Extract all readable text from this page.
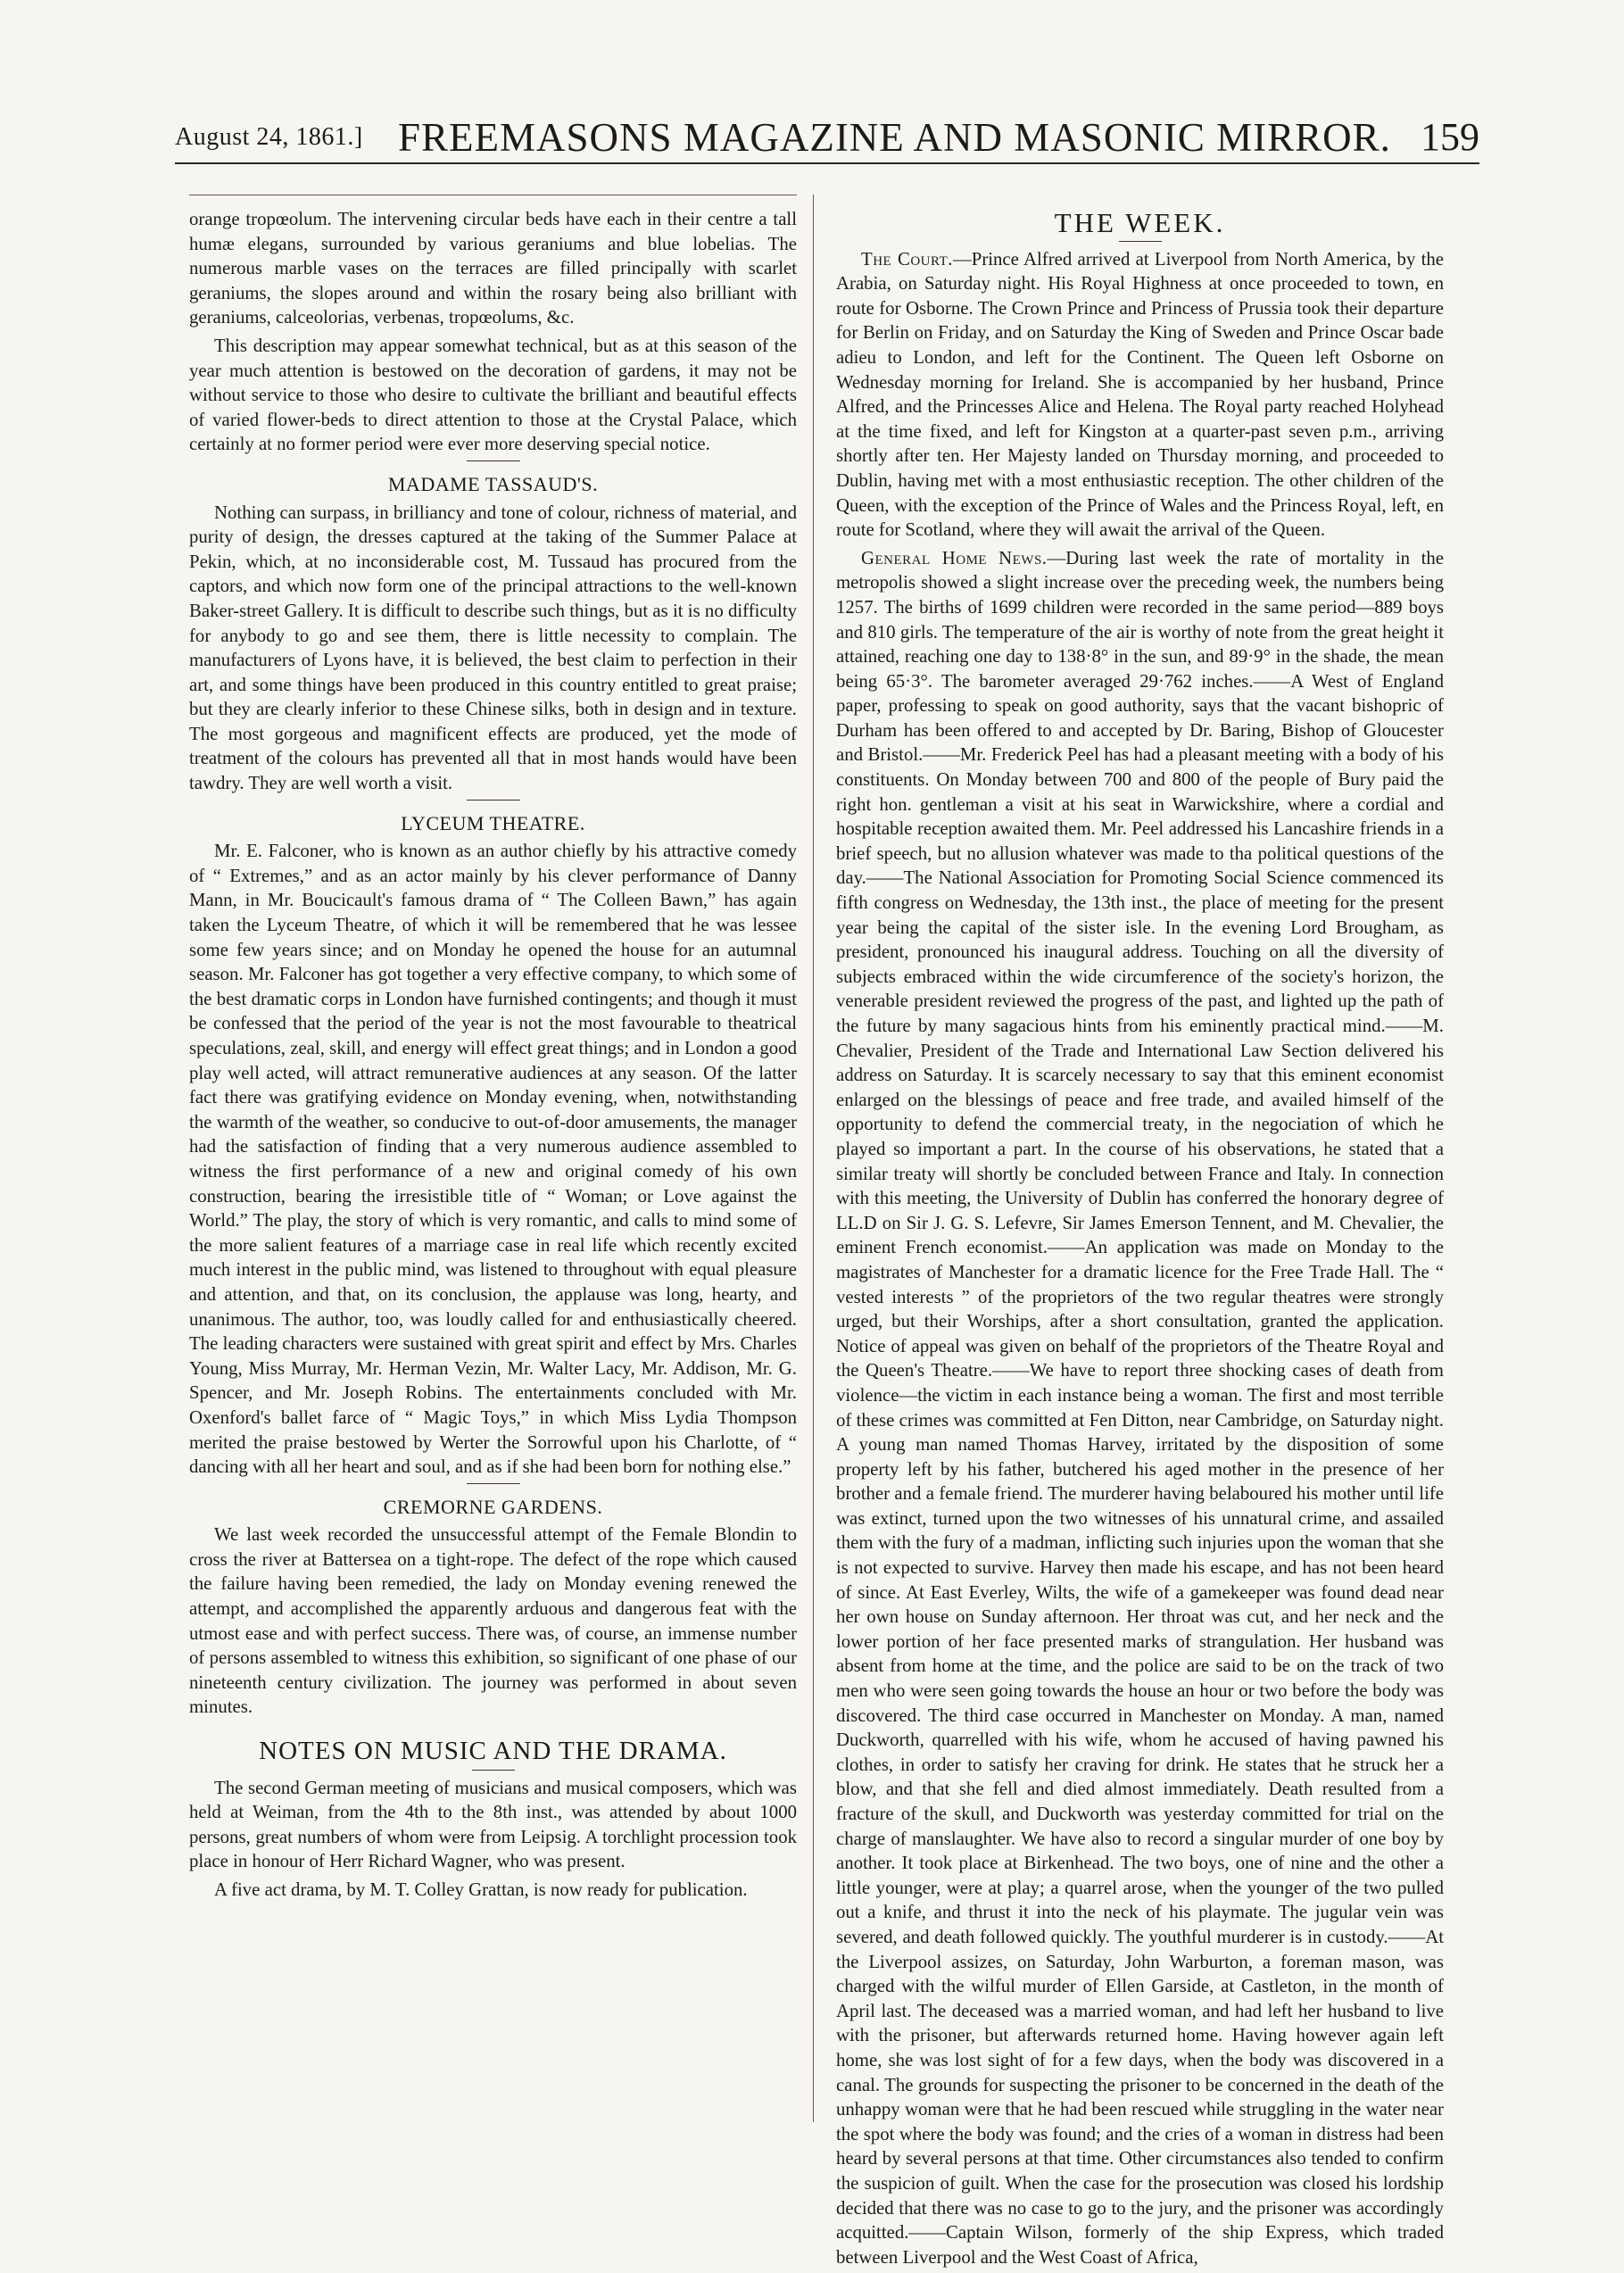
August 24, 1861.] FREEMASONS MAGAZINE AND MASONIC MIRROR. 159

orange tropœolum. The intervening circular beds have each in their centre a tall humæ elegans, surrounded by various geraniums and blue lobelias. The numerous marble vases on the terraces are filled principally with scarlet geraniums, the slopes around and within the rosary being also brilliant with geraniums, calceolorias, verbenas, tropœolums, &c.

This description may appear somewhat technical, but as at this season of the year much attention is bestowed on the decoration of gardens, it may not be without service to those who desire to cultivate the brilliant and beautiful effects of varied flower-beds to direct attention to those at the Crystal Palace, which certainly at no former period were ever more deserving special notice.

MADAME TASSAUD'S.

Nothing can surpass, in brilliancy and tone of colour, richness of material, and purity of design, the dresses captured at the taking of the Summer Palace at Pekin, which, at no inconsiderable cost, M. Tussaud has procured from the captors, and which now form one of the principal attractions to the well-known Baker-street Gallery. It is difficult to describe such things, but as it is no difficulty for anybody to go and see them, there is little necessity to complain. The manufacturers of Lyons have, it is believed, the best claim to perfection in their art, and some things have been produced in this country entitled to great praise; but they are clearly inferior to these Chinese silks, both in design and in texture. The most gorgeous and magnificent effects are produced, yet the mode of treatment of the colours has prevented all that in most hands would have been tawdry. They are well worth a visit.

LYCEUM THEATRE.

Mr. E. Falconer, who is known as an author chiefly by his attractive comedy of “ Extremes,” and as an actor mainly by his clever performance of Danny Mann, in Mr. Boucicault's famous drama of “ The Colleen Bawn,” has again taken the Lyceum Theatre, of which it will be remembered that he was lessee some few years since; and on Monday he opened the house for an autumnal season. Mr. Falconer has got together a very effective company, to which some of the best dramatic corps in London have furnished contingents; and though it must be confessed that the period of the year is not the most favourable to theatrical speculations, zeal, skill, and energy will effect great things; and in London a good play well acted, will attract remunerative audiences at any season. Of the latter fact there was gratifying evidence on Monday evening, when, notwithstanding the warmth of the weather, so conducive to out-of-door amusements, the manager had the satisfaction of finding that a very numerous audience assembled to witness the first performance of a new and original comedy of his own construction, bearing the irresistible title of “ Woman; or Love against the World.” The play, the story of which is very romantic, and calls to mind some of the more salient features of a marriage case in real life which recently excited much interest in the public mind, was listened to throughout with equal pleasure and attention, and that, on its conclusion, the applause was long, hearty, and unanimous. The author, too, was loudly called for and enthusiastically cheered. The leading characters were sustained with great spirit and effect by Mrs. Charles Young, Miss Murray, Mr. Herman Vezin, Mr. Walter Lacy, Mr. Addison, Mr. G. Spencer, and Mr. Joseph Robins. The entertainments concluded with Mr. Oxenford's ballet farce of “ Magic Toys,” in which Miss Lydia Thompson merited the praise bestowed by Werter the Sorrowful upon his Charlotte, of “ dancing with all her heart and soul, and as if she had been born for nothing else.”

CREMORNE GARDENS.

We last week recorded the unsuccessful attempt of the Female Blondin to cross the river at Battersea on a tight-rope. The defect of the rope which caused the failure having been remedied, the lady on Monday evening renewed the attempt, and accomplished the apparently arduous and dangerous feat with the utmost ease and with perfect success. There was, of course, an immense number of persons assembled to witness this exhibition, so significant of one phase of our nineteenth century civilization. The journey was performed in about seven minutes.

NOTES ON MUSIC AND THE DRAMA.

The second German meeting of musicians and musical composers, which was held at Weiman, from the 4th to the 8th inst., was attended by about 1000 persons, great numbers of whom were from Leipsig. A torchlight procession took place in honour of Herr Richard Wagner, who was present.

A five act drama, by M. T. Colley Grattan, is now ready for publication.

THE WEEK.

The Court.—Prince Alfred arrived at Liverpool from North America, by the Arabia, on Saturday night. His Royal Highness at once proceeded to town, en route for Osborne. The Crown Prince and Princess of Prussia took their departure for Berlin on Friday, and on Saturday the King of Sweden and Prince Oscar bade adieu to London, and left for the Continent. The Queen left Osborne on Wednesday morning for Ireland. She is accompanied by her husband, Prince Alfred, and the Princesses Alice and Helena. The Royal party reached Holyhead at the time fixed, and left for Kingston at a quarter-past seven p.m., arriving shortly after ten. Her Majesty landed on Thursday morning, and proceeded to Dublin, having met with a most enthusiastic reception. The other children of the Queen, with the exception of the Prince of Wales and the Princess Royal, left, en route for Scotland, where they will await the arrival of the Queen.

General Home News.—During last week the rate of mortality in the metropolis showed a slight increase over the preceding week, the numbers being 1257. The births of 1699 children were recorded in the same period—889 boys and 810 girls. The temperature of the air is worthy of note from the great height it attained, reaching one day to 138·8° in the sun, and 89·9° in the shade, the mean being 65·3°. The barometer averaged 29·762 inches.——A West of England paper, professing to speak on good authority, says that the vacant bishopric of Durham has been offered to and accepted by Dr. Baring, Bishop of Gloucester and Bristol.——Mr. Frederick Peel has had a pleasant meeting with a body of his constituents. On Monday between 700 and 800 of the people of Bury paid the right hon. gentleman a visit at his seat in Warwickshire, where a cordial and hospitable reception awaited them. Mr. Peel addressed his Lancashire friends in a brief speech, but no allusion whatever was made to tha political questions of the day.——The National Association for Promoting Social Science commenced its fifth congress on Wednesday, the 13th inst., the place of meeting for the present year being the capital of the sister isle. In the evening Lord Brougham, as president, pronounced his inaugural address. Touching on all the diversity of subjects embraced within the wide circumference of the society's horizon, the venerable president reviewed the progress of the past, and lighted up the path of the future by many sagacious hints from his eminently practical mind.——M. Chevalier, President of the Trade and International Law Section delivered his address on Saturday. It is scarcely necessary to say that this eminent economist enlarged on the blessings of peace and free trade, and availed himself of the opportunity to defend the commercial treaty, in the negociation of which he played so important a part. In the course of his observations, he stated that a similar treaty will shortly be concluded between France and Italy. In connection with this meeting, the University of Dublin has conferred the honorary degree of LL.D on Sir J. G. S. Lefevre, Sir James Emerson Tennent, and M. Chevalier, the eminent French economist.——An application was made on Monday to the magistrates of Manchester for a dramatic licence for the Free Trade Hall. The “ vested interests ” of the proprietors of the two regular theatres were strongly urged, but their Worships, after a short consultation, granted the application. Notice of appeal was given on behalf of the proprietors of the Theatre Royal and the Queen's Theatre.——We have to report three shocking cases of death from violence—the victim in each instance being a woman. The first and most terrible of these crimes was committed at Fen Ditton, near Cambridge, on Saturday night. A young man named Thomas Harvey, irritated by the disposition of some property left by his father, butchered his aged mother in the presence of her brother and a female friend. The murderer having belaboured his mother until life was extinct, turned upon the two witnesses of his unnatural crime, and assailed them with the fury of a madman, inflicting such injuries upon the woman that she is not expected to survive. Harvey then made his escape, and has not been heard of since. At East Everley, Wilts, the wife of a gamekeeper was found dead near her own house on Sunday afternoon. Her throat was cut, and her neck and the lower portion of her face presented marks of strangulation. Her husband was absent from home at the time, and the police are said to be on the track of two men who were seen going towards the house an hour or two before the body was discovered. The third case occurred in Manchester on Monday. A man, named Duckworth, quarrelled with his wife, whom he accused of having pawned his clothes, in order to satisfy her craving for drink. He states that he struck her a blow, and that she fell and died almost immediately. Death resulted from a fracture of the skull, and Duckworth was yesterday committed for trial on the charge of manslaughter. We have also to record a singular murder of one boy by another. It took place at Birkenhead. The two boys, one of nine and the other a little younger, were at play; a quarrel arose, when the younger of the two pulled out a knife, and thrust it into the neck of his playmate. The jugular vein was severed, and death followed quickly. The youthful murderer is in custody.——At the Liverpool assizes, on Saturday, John Warburton, a foreman mason, was charged with the wilful murder of Ellen Garside, at Castleton, in the month of April last. The deceased was a married woman, and had left her husband to live with the prisoner, but afterwards returned home. Having however again left home, she was lost sight of for a few days, when the body was discovered in a canal. The grounds for suspecting the prisoner to be concerned in the death of the unhappy woman were that he had been rescued while struggling in the water near the spot where the body was found; and the cries of a woman in distress had been heard by several persons at that time. Other circumstances also tended to confirm the suspicion of guilt. When the case for the prosecution was closed his lordship decided that there was no case to go to the jury, and the prisoner was accordingly acquitted.——Captain Wilson, formerly of the ship Express, which traded between Liverpool and the West Coast of Africa,
